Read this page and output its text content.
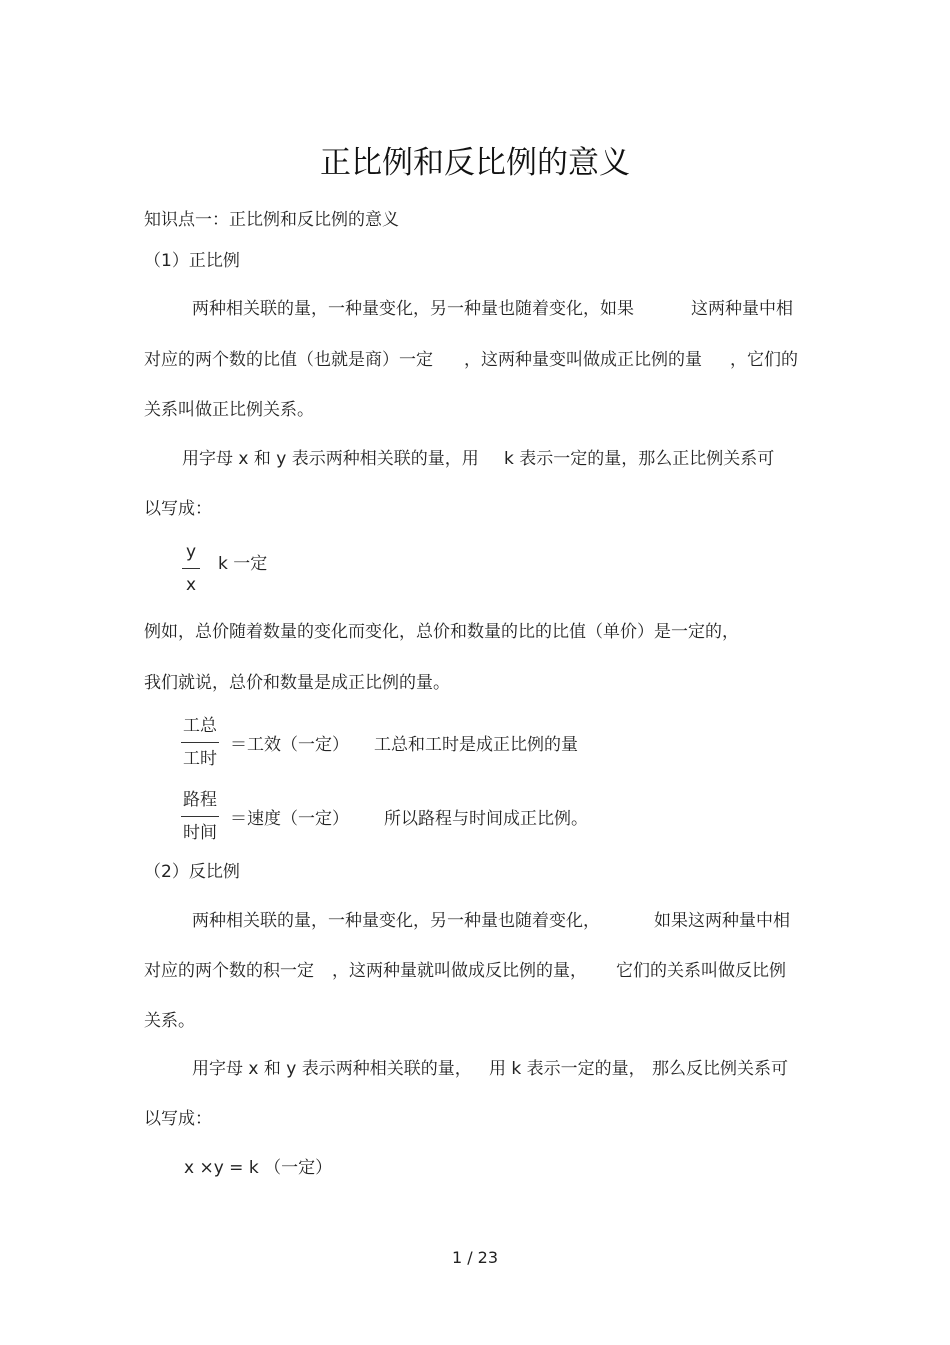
正比例和反比例的意义
知识点一：正比例和反比例的意义
（1）正比例
两种相关联的量，一种量变化，另一种量也随着变化，如果	这两种量中相
对应的两个数的比值（也就是商）一定 ，这两种量变叫做成正比例的量 ，它们的
关系叫做正比例关系。
用字母 x 和 y 表示两种相关联的量，用 k 表示一定的量，那么正比例关系可
以写成：
y
x
k 一定
例如，总价随着数量的变化而变化，总价和数量的比的比值（单价）是一定的，
我们就说，总价和数量是成正比例的量。
工总
工时
＝工效（一定） 工总和工时是成正比例的量
路程
时间
＝速度（一定） 所以路程与时间成正比例。
（2）反比例
两种相关联的量，一种量变化，另一种量也随着变化，	如果这两种量中相
对应的两个数的积一定 ，这两种量就叫做成反比例的量， 它们的关系叫做反比例
关系。
用字母 x 和 y 表示两种相关联的量， 用 k 表示一定的量， 那么反比例关系可
以写成：
x ×y = k （一定）
1 / 23
